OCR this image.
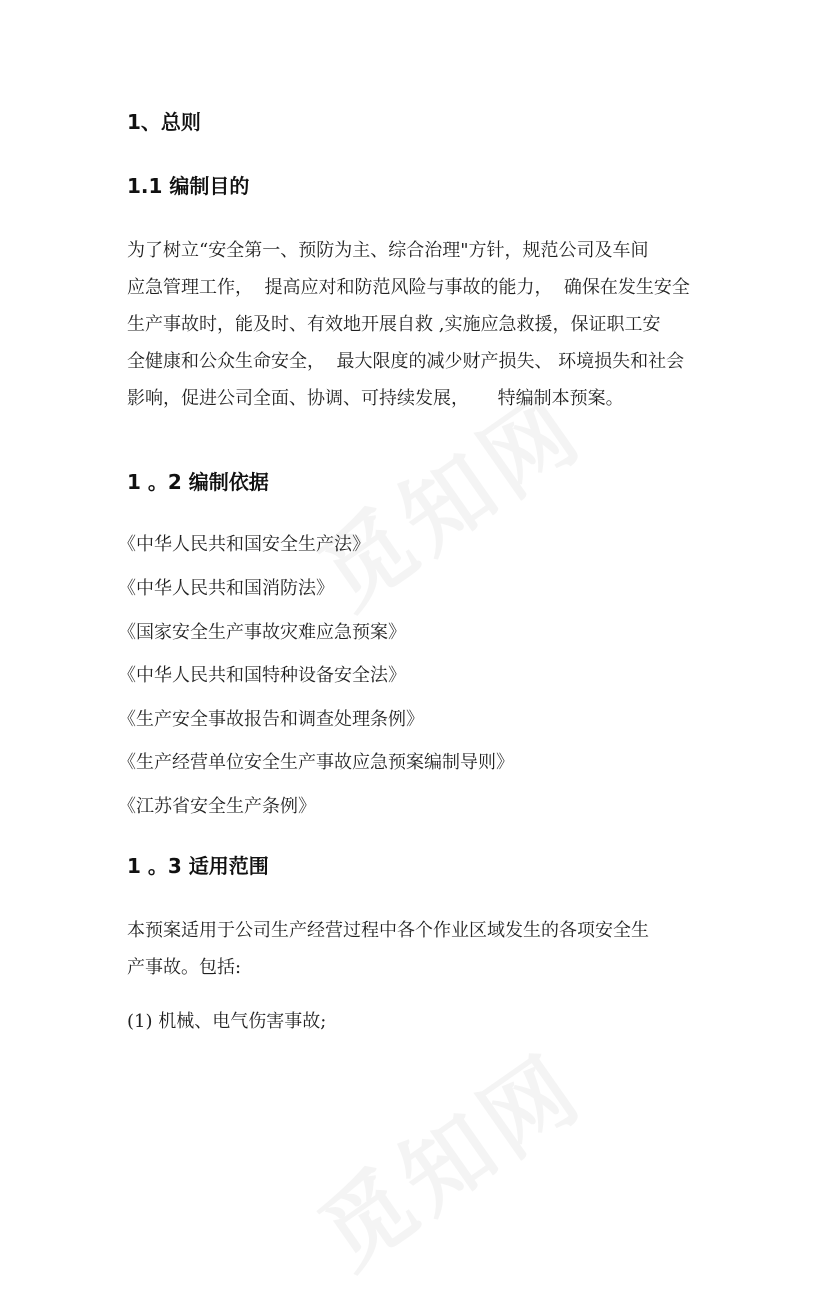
1、总则
1.1 编制目的

为了树立“安全第一、预防为主、综合治理"方针，规范公司及车间
应急管理工作，  提高应对和防范风险与事故的能力，  确保在发生安全
生产事故时，能及时、有效地开展自救 ,实施应急救援，保证职工安
全健康和公众生命安全，  最大限度的减少财产损失、 环境损失和社会
影响，促进公司全面、协调、可持续发展，     特编制本预案。

1 。2 编制依据
《中华人民共和国安全生产法》
《中华人民共和国消防法》
《国家安全生产事故灾难应急预案》
《中华人民共和国特种设备安全法》
《生产安全事故报告和调查处理条例》
《生产经营单位安全生产事故应急预案编制导则》
《江苏省安全生产条例》
1 。3 适用范围

本预案适用于公司生产经营过程中各个作业区域发生的各项安全生
产事故。包括:

(1) 机械、电气伤害事故;
